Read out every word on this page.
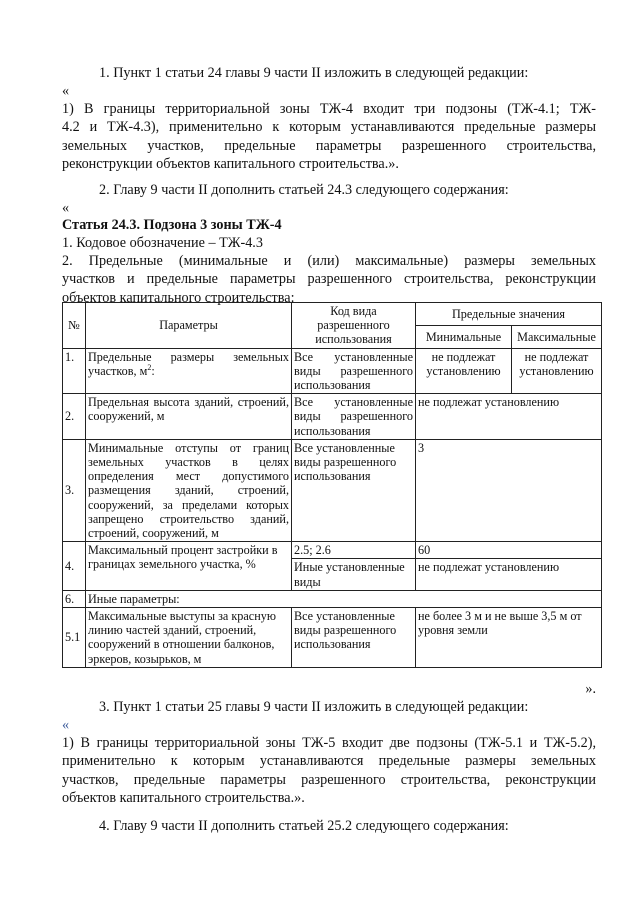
1. Пункт 1 статьи 24 главы 9 части II изложить в следующей редакции:
«
1) В границы территориальной зоны ТЖ-4 входит три подзоны (ТЖ-4.1; ТЖ-
4.2 и ТЖ-4.3), применительно к которым устанавливаются предельные размеры
земельных участков, предельные параметры разрешенного строительства,
реконструкции объектов капитального строительства.».
2. Главу 9 части II дополнить статьей 24.3 следующего содержания:
«
Статья 24.3. Подзона 3 зоны ТЖ-4
1. Кодовое обозначение – ТЖ-4.3
2. Предельные (минимальные и (или) максимальные) размеры земельных
участков и предельные параметры разрешенного строительства, реконструкции
объектов капитального строительства:
№	Параметры	Код вида разрешенного использования	Предельные значения	
			Минимальные	Максимальные
1.	Предельные размеры земельных участков, $м^2$:	Все установленные виды разрешенного использования	не подлежат установлению	не подлежат установлению
2.	Предельная высота зданий, строений, сооружений, м	Все установленные виды разрешенного использования	не подлежат установлению	
3.	Минимальные отступы от границ земельных участков в целях определения мест допустимого размещения зданий, строений, сооружений, за пределами которых запрещено строительство зданий, строений, сооружений, м	Все установленные виды разрешенного использования	3	
4.	Максимальный процент застройки в границах земельного участка, %	2.5; 2.6	60	
		Иные установленные виды	не подлежат установлению	
6.	Иные параметры:			
5.1	Максимальные выступы за красную линию частей зданий, строений, сооружений в отношении балконов, эркеров, козырьков, м	Все установленные виды разрешенного использования	не более 3 м и не выше 3,5 м от уровня земли	
».
3. Пункт 1 статьи 25 главы 9 части II изложить в следующей редакции:
«
1) В границы территориальной зоны ТЖ-5 входит две подзоны (ТЖ-5.1 и ТЖ-5.2),
применительно к которым устанавливаются предельные размеры земельных
участков, предельные параметры разрешенного строительства, реконструкции
объектов капитального строительства.».
4. Главу 9 части II дополнить статьей 25.2 следующего содержания:
